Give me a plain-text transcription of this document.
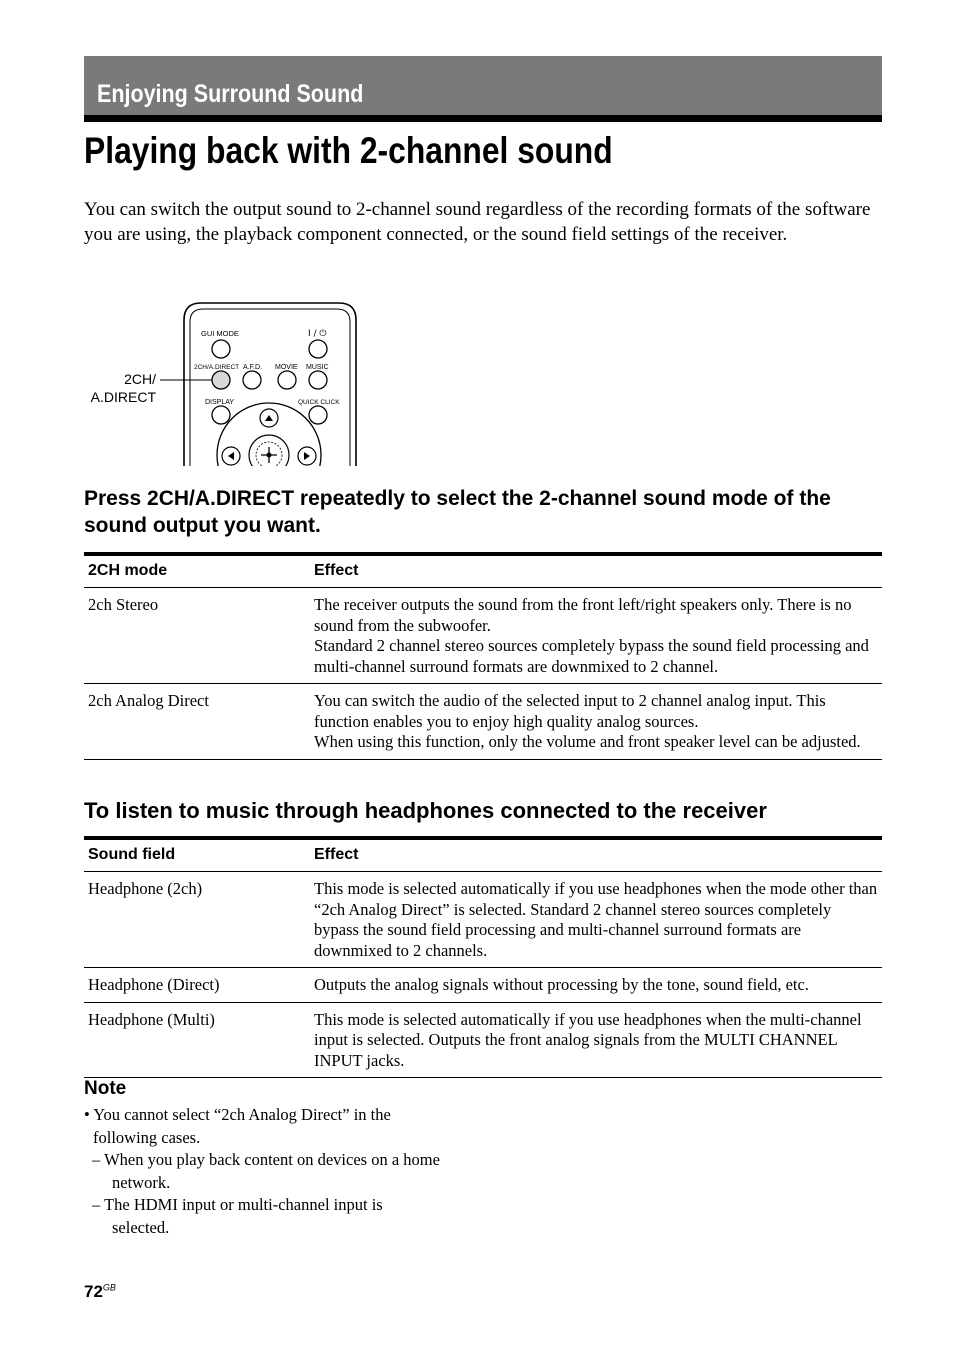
Enjoying Surround Sound
Playing back with 2-channel sound

You can switch the output sound to 2-channel sound regardless of the recording formats of the software you are using, the playback component connected, or the sound field settings of the receiver.

2CH/
A.DIRECT
GUI MODE	I / ⏻
2CH/A.DIRECT A.F.D. MOVIE MUSIC
DISPLAY	QUICK CLICK

Press 2CH/A.DIRECT repeatedly to select the 2-channel sound mode of the sound output you want.

2CH mode	Effect
2ch Stereo	The receiver outputs the sound from the front left/right speakers only. There is no sound from the subwoofer.
Standard 2 channel stereo sources completely bypass the sound field processing and multi-channel surround formats are downmixed to 2 channel.

2ch Analog Direct	You can switch the audio of the selected input to 2 channel analog input. This function enables you to enjoy high quality analog sources.
When using this function, only the volume and front speaker level can be adjusted.
To listen to music through headphones connected to the receiver
Sound field	Effect
Headphone (2ch)	This mode is selected automatically if you use headphones when the mode other than “2ch Analog Direct” is selected. Standard 2 channel stereo sources completely bypass the sound field processing and multi-channel surround formats are downmixed to 2 channels.
Headphone (Direct)	Outputs the analog signals without processing by the tone, sound field, etc.
Headphone (Multi)	This mode is selected automatically if you use headphones when the multi-channel input is selected. Outputs the front analog signals from the MULTI CHANNEL INPUT jacks.
Note
• You cannot select “2ch Analog Direct” in the following cases.
– When you play back content on devices on a home network.
– The HDMI input or multi-channel input is selected.
$72^{GB}$
